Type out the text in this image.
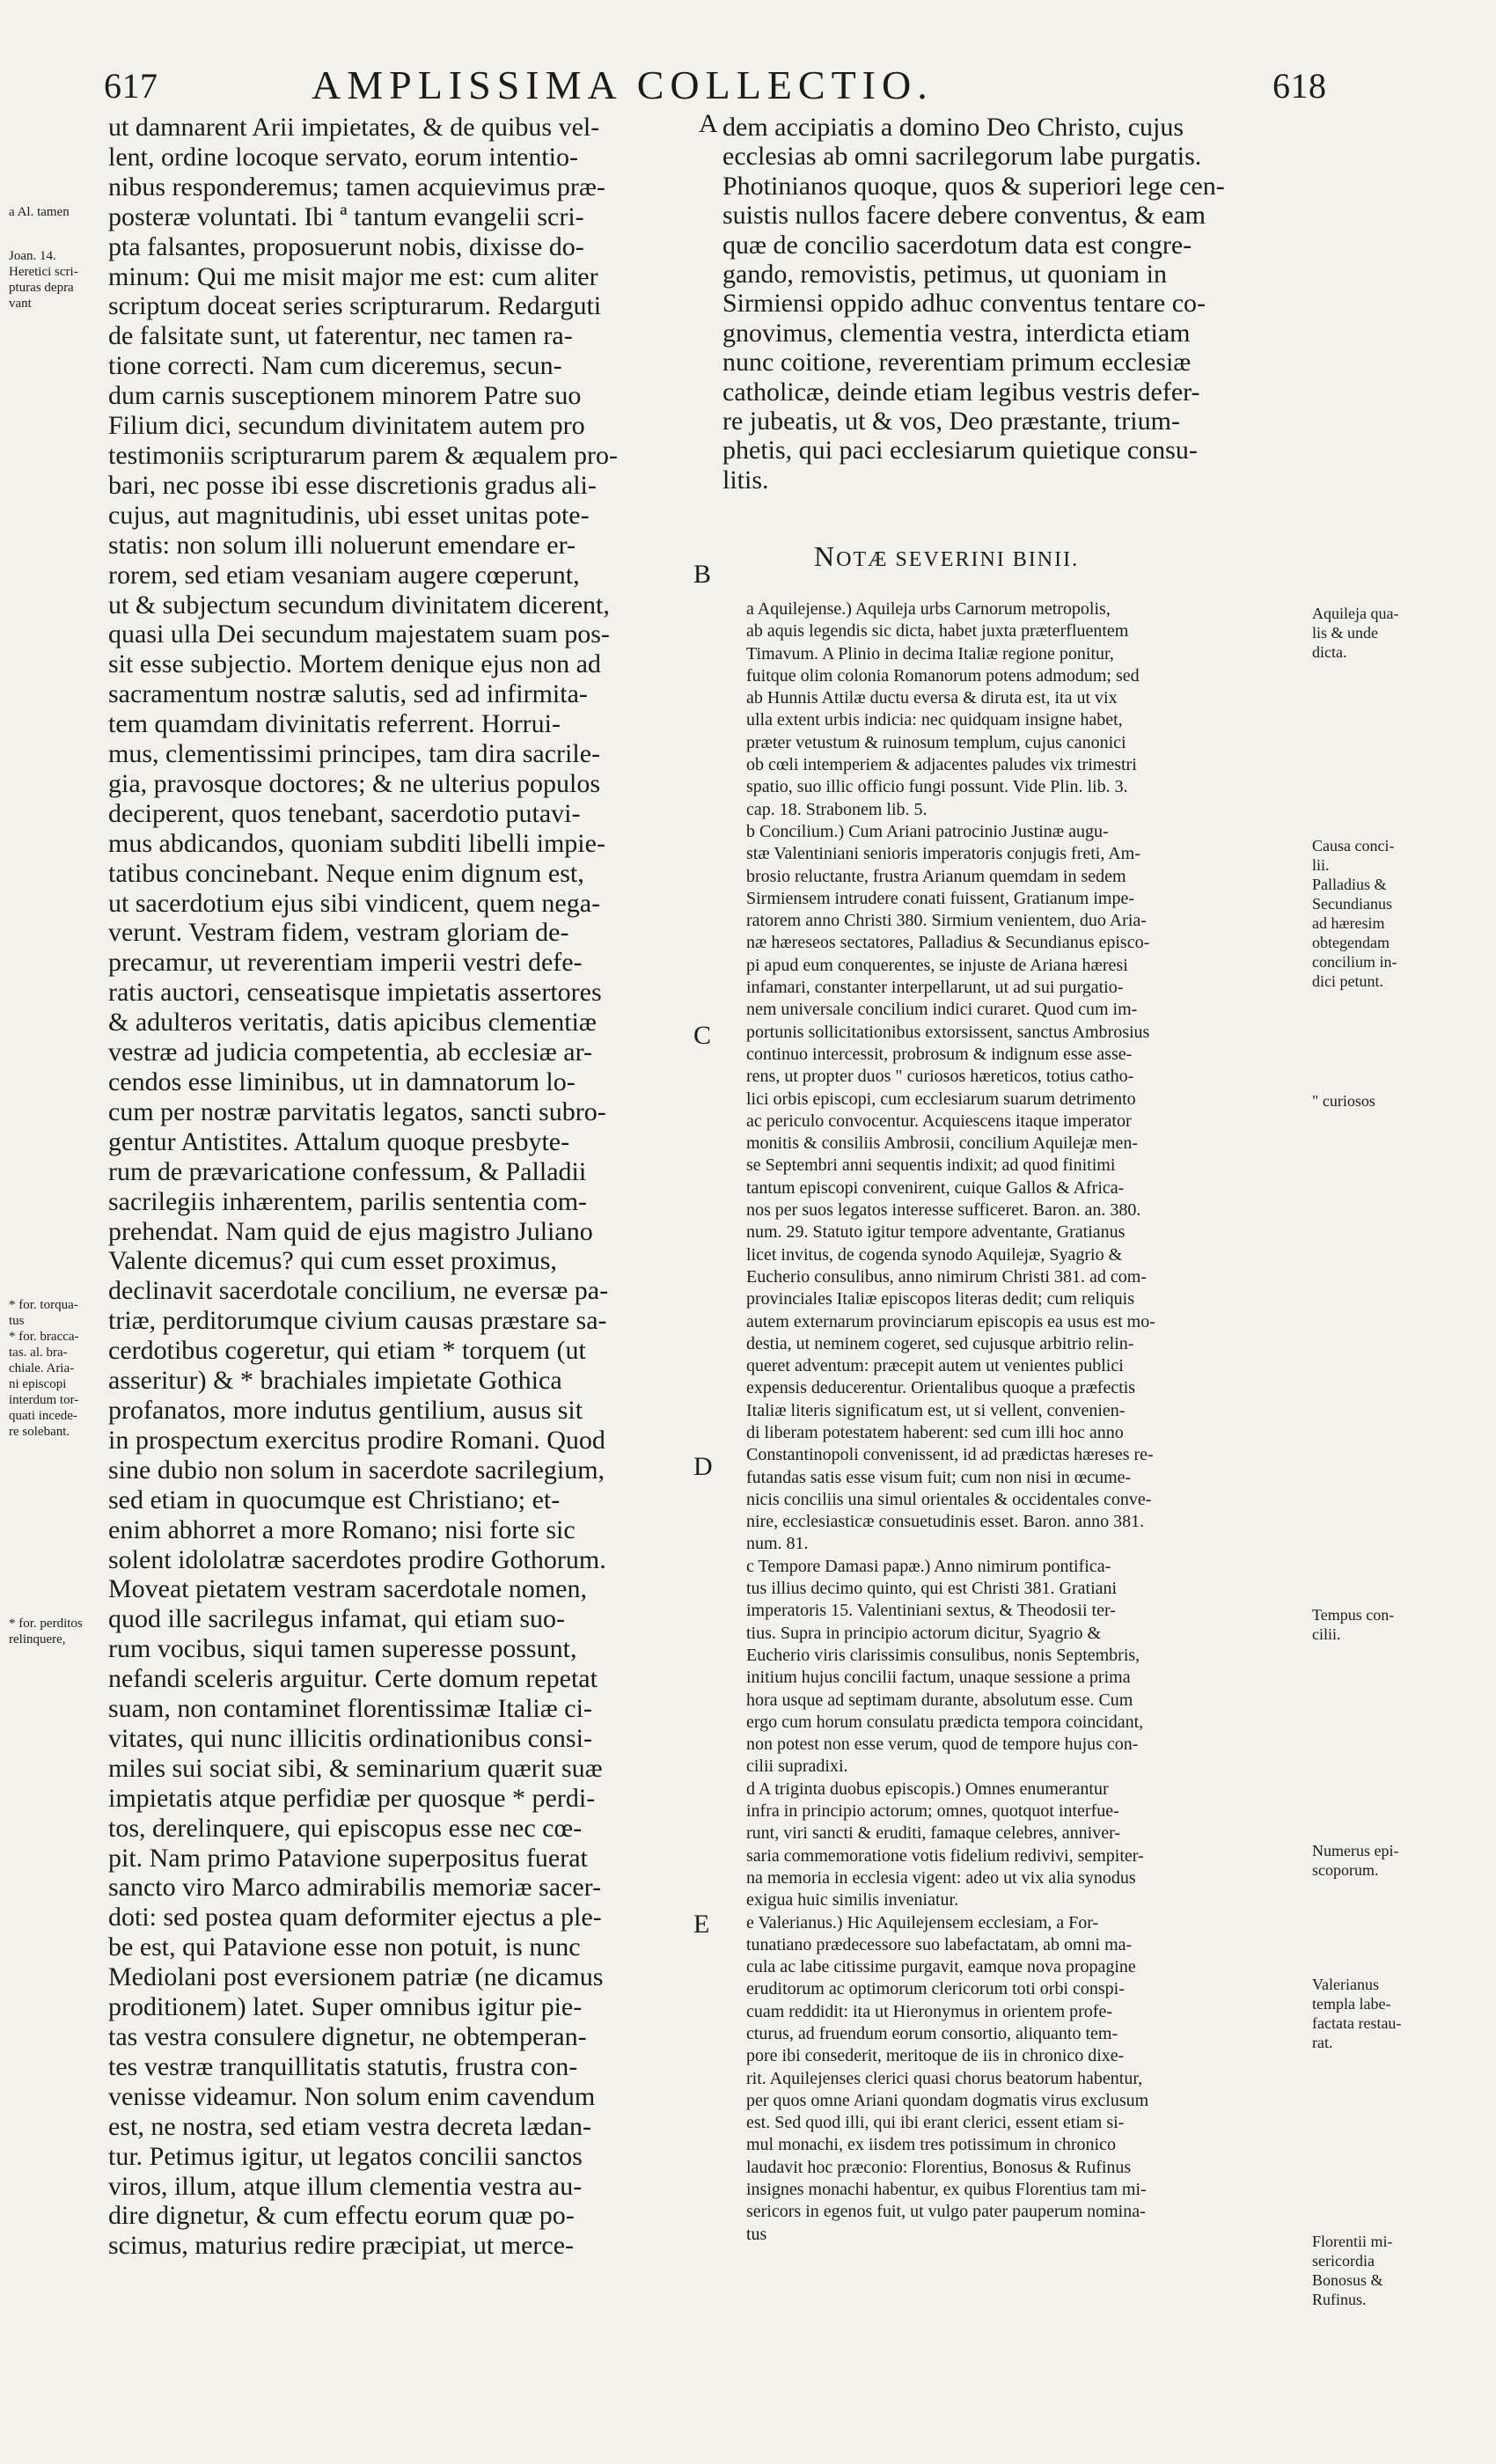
617	AMPLISSIMA COLLECTIO.	618
ut damnarent Arii impietates, & de quibus vel-
lent, ordine locoque servato, eorum intentio-
nibus responderemus; tamen acquievimus præ-
posteræ voluntati. Ibi ª tantum evangelii scri-
pta falsantes, proposuerunt nobis, dixisse do-
minum: Qui me misit major me est: cum aliter
scriptum doceat series scripturarum. Redarguti
de falsitate sunt, ut faterentur, nec tamen ra-
tione correcti. Nam cum diceremus, secun-
dum carnis susceptionem minorem Patre suo
Filium dici, secundum divinitatem autem pro
testimoniis scripturarum parem & æqualem pro-
bari, nec posse ibi esse discretionis gradus ali-
cujus, aut magnitudinis, ubi esset unitas pote-
statis: non solum illi noluerunt emendare er-
rorem, sed etiam vesaniam augere cœperunt,
ut & subjectum secundum divinitatem dicerent,
quasi ulla Dei secundum majestatem suam pos-
sit esse subjectio. Mortem denique ejus non ad
sacramentum nostræ salutis, sed ad infirmita-
tem quamdam divinitatis referrent. Horrui-
mus, clementissimi principes, tam dira sacrile-
gia, pravosque doctores; & ne ulterius populos
deciperent, quos tenebant, sacerdotio putavi-
mus abdicandos, quoniam subditi libelli impie-
tatibus concinebant. Neque enim dignum est,
ut sacerdotium ejus sibi vindicent, quem nega-
verunt. Vestram fidem, vestram gloriam de-
precamur, ut reverentiam imperii vestri defe-
ratis auctori, censeatisque impietatis assertores
& adulteros veritatis, datis apicibus clementiæ
vestræ ad judicia competentia, ab ecclesiæ ar-
cendos esse liminibus, ut in damnatorum lo-
cum per nostræ parvitatis legatos, sancti subro-
gentur Antistites. Attalum quoque presbyte-
rum de prævaricatione confessum, & Palladii
sacrilegiis inhærentem, parilis sententia com-
prehendat. Nam quid de ejus magistro Juliano
Valente dicemus? qui cum esset proximus,
declinavit sacerdotale concilium, ne eversæ pa-
triæ, perditorumque civium causas præstare sa-
cerdotibus cogeretur, qui etiam * torquem (ut
asseritur) & * brachiales impietate Gothica
profanatos, more indutus gentilium, ausus sit
in prospectum exercitus prodire Romani. Quod
sine dubio non solum in sacerdote sacrilegium,
sed etiam in quocumque est Christiano; et-
enim abhorret a more Romano; nisi forte sic
solent idololatræ sacerdotes prodire Gothorum.
Moveat pietatem vestram sacerdotale nomen,
quod ille sacrilegus infamat, qui etiam suo-
rum vocibus, siqui tamen superesse possunt,
nefandi sceleris arguitur. Certe domum repetat
suam, non contaminet florentissimæ Italiæ ci-
vitates, qui nunc illicitis ordinationibus consi-
miles sui sociat sibi, & seminarium quærit suæ
impietatis atque perfidiæ per quosque * perdi-
tos, derelinquere, qui episcopus esse nec cœ-
pit. Nam primo Patavione superpositus fuerat
sancto viro Marco admirabilis memoriæ sacer-
doti: sed postea quam deformiter ejectus a ple-
be est, qui Patavione esse non potuit, is nunc
Mediolani post eversionem patriæ (ne dicamus
proditionem) latet. Super omnibus igitur pie-
tas vestra consulere dignetur, ne obtemperan-
tes vestræ tranquillitatis statutis, frustra con-
venisse videamur. Non solum enim cavendum
est, ne nostra, sed etiam vestra decreta lædan-
tur. Petimus igitur, ut legatos concilii sanctos
viros, illum, atque illum clementia vestra au-
dire dignetur, & cum effectu eorum quæ po-
scimus, maturius redire præcipiat, ut merce-
dem accipiatis a domino Deo Christo, cujus
ecclesias ab omni sacrilegorum labe purgatis.
Photinianos quoque, quos & superiori lege cen-
suistis nullos facere debere conventus, & eam
quæ de concilio sacerdotum data est congre-
gando, removistis, petimus, ut quoniam in
Sirmiensi oppido adhuc conventus tentare co-
gnovimus, clementia vestra, interdicta etiam
nunc coitione, reverentiam primum ecclesiæ
catholicæ, deinde etiam legibus vestris defer-
re jubeatis, ut & vos, Deo præstante, trium-
phetis, qui paci ecclesiarum quietique consu-
litis.
NOTÆ SEVERINI BINII.
a Aquilejense.) Aquileja urbs Carnorum metropolis,
ab aquis legendis sic dicta, habet juxta præterfluentem
Timavum. A Plinio in decima Italiæ regione ponitur,
fuitque olim colonia Romanorum potens admodum; sed
ab Hunnis Attilæ ductu eversa & diruta est, ita ut vix
ulla extent urbis indicia: nec quidquam insigne habet,
præter vetustum & ruinosum templum, cujus canonici
ob cœli intemperiem & adjacentes paludes vix trimestri
spatio, suo illic officio fungi possunt. Vide Plin. lib. 3.
cap. 18. Strabonem lib. 5.
b Concilium.) Cum Ariani patrocinio Justinæ augu-
stæ Valentiniani senioris imperatoris conjugis freti, Am-
brosio reluctante, frustra Arianum quemdam in sedem
Sirmiensem intrudere conati fuissent, Gratianum impe-
ratorem anno Christi 380. Sirmium venientem, duo Aria-
næ hæreseos sectatores, Palladius & Secundianus episco-
pi apud eum conquerentes, se injuste de Ariana hæresi
infamari, constanter interpellarunt, ut ad sui purgatio-
nem universale concilium indici curaret. Quod cum im-
portunis sollicitationibus extorsissent, sanctus Ambrosius
continuo intercessit, probrosum & indignum esse asse-
rens, ut propter duos " curiosos hæreticos, totius catho-
lici orbis episcopi, cum ecclesiarum suarum detrimento
ac periculo convocentur. Acquiescens itaque imperator
monitis & consiliis Ambrosii, concilium Aquilejæ men-
se Septembri anni sequentis indixit; ad quod finitimi
tantum episcopi convenirent, cuique Gallos & Africa-
nos per suos legatos interesse sufficeret. Baron. an. 380.
num. 29. Statuto igitur tempore adventante, Gratianus
licet invitus, de cogenda synodo Aquilejæ, Syagrio &
Eucherio consulibus, anno nimirum Christi 381. ad com-
provinciales Italiæ episcopos literas dedit; cum reliquis
autem externarum provinciarum episcopis ea usus est mo-
destia, ut neminem cogeret, sed cujusque arbitrio relin-
queret adventum: præcepit autem ut venientes publici
expensis deducerentur. Orientalibus quoque a præfectis
Italiæ literis significatum est, ut si vellent, convenien-
di liberam potestatem haberent: sed cum illi hoc anno
Constantinopoli convenissent, id ad prædictas hæreses re-
futandas satis esse visum fuit; cum non nisi in œcume-
nicis conciliis una simul orientales & occidentales conve-
nire, ecclesiasticæ consuetudinis esset. Baron. anno 381.
num. 81.
c Tempore Damasi papæ.) Anno nimirum pontifica-
tus illius decimo quinto, qui est Christi 381. Gratiani
imperatoris 15. Valentiniani sextus, & Theodosii ter-
tius. Supra in principio actorum dicitur, Syagrio &
Eucherio viris clarissimis consulibus, nonis Septembris,
initium hujus concilii factum, unaque sessione a prima
hora usque ad septimam durante, absolutum esse. Cum
ergo cum horum consulatu prædicta tempora coincidant,
non potest non esse verum, quod de tempore hujus con-
cilii supradixi.
d A triginta duobus episcopis.) Omnes enumerantur
infra in principio actorum; omnes, quotquot interfue-
runt, viri sancti & eruditi, famaque celebres, anniver-
saria commemoratione votis fidelium redivivi, sempiter-
na memoria in ecclesia vigent: adeo ut vix alia synodus
exigua huic similis inveniatur.
e Valerianus.) Hic Aquilejensem ecclesiam, a For-
tunatiano prædecessore suo labefactatam, ab omni ma-
cula ac labe citissime purgavit, eamque nova propagine
eruditorum ac optimorum clericorum toti orbi conspi-
cuam reddidit: ita ut Hieronymus in orientem profe-
cturus, ad fruendum eorum consortio, aliquanto tem-
pore ibi consederit, meritoque de iis in chronico dixe-
rit. Aquilejenses clerici quasi chorus beatorum habentur,
per quos omne Ariani quondam dogmatis virus exclusum
est. Sed quod illi, qui ibi erant clerici, essent etiam si-
mul monachi, ex iisdem tres potissimum in chronico
laudavit hoc præconio: Florentius, Bonosus & Rufinus
insignes monachi habentur, ex quibus Florentius tam mi-
sericors in egenos fuit, ut vulgo pater pauperum nomina-
tus
A
B
C
D
E
a Al. tamen
Joan. 14.
Heretici scri-
pturas depra
vant
* for. torqua-
tus
* for. bracca-
tas. al. bra-
chiale. Aria-
ni episcopi
interdum tor-
quati incede-
re solebant.
* for. perditos
relinquere,
Aquileja qua-
lis & unde
dicta.
Causa conci-
lii.
Palladius &
Secundianus
ad hæresim
obtegendam
concilium in-
dici petunt.
" curiosos
Tempus con-
cilii.
Numerus epi-
scoporum.
Valerianus
templa labe-
factata restau-
rat.
Florentii mi-
sericordia
Bonosus &
Rufinus.
